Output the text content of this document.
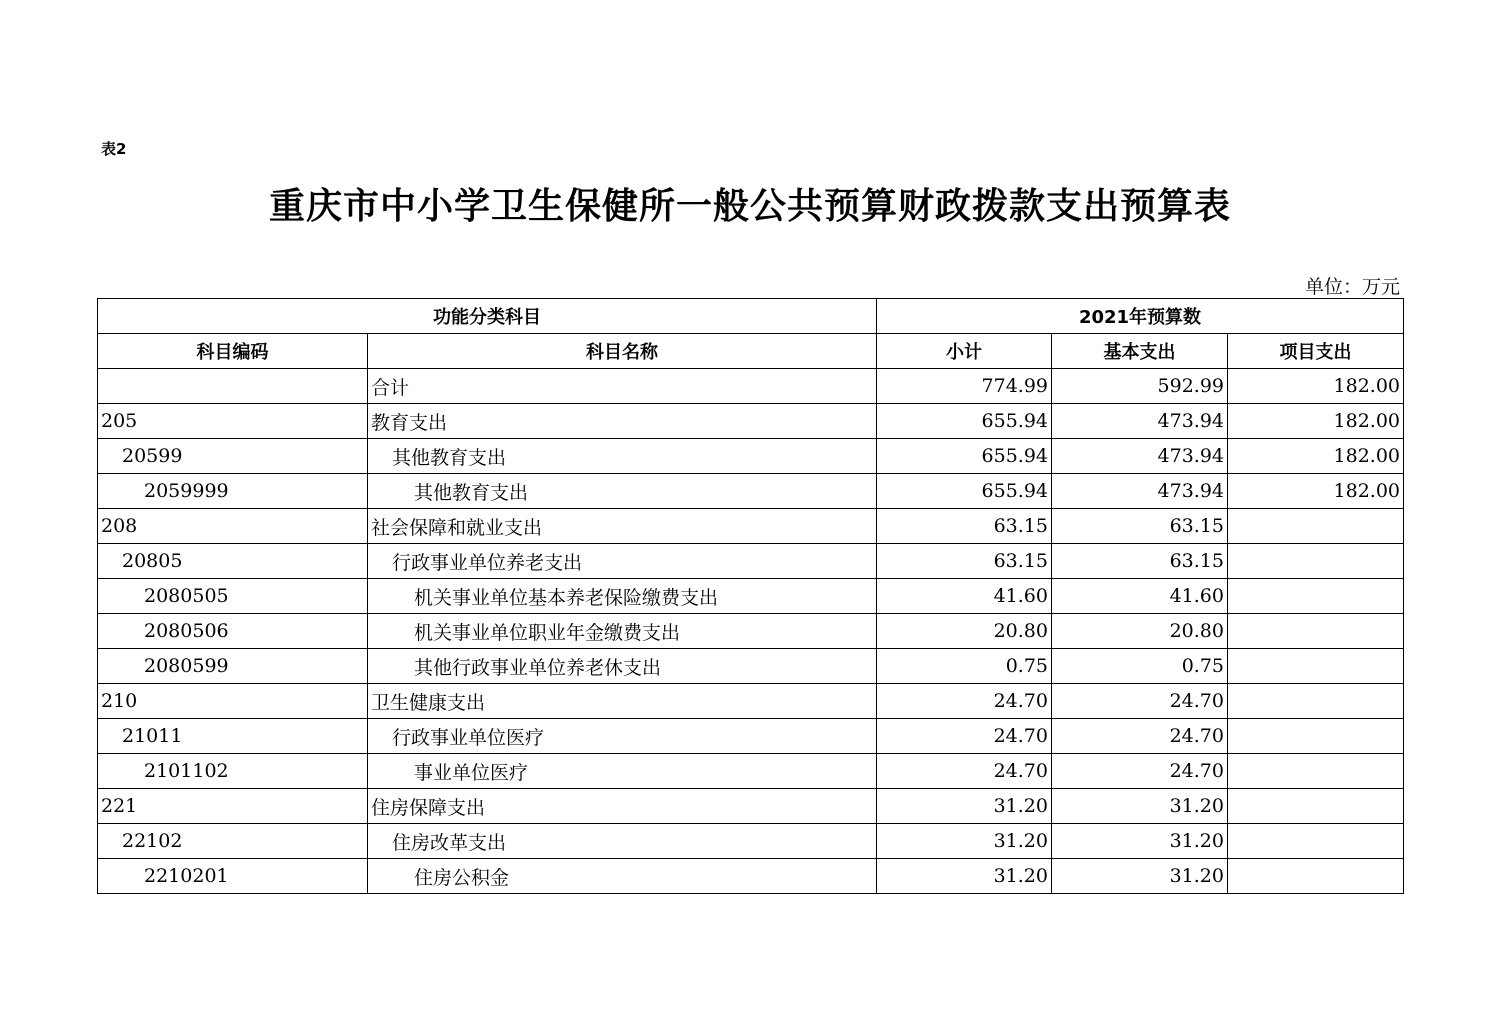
表2
重庆市中小学卫生保健所一般公共预算财政拨款支出预算表
单位：万元
功能分类科目		2021年预算数		
科目编码	科目名称	小计	基本支出	项目支出
	合计	774.99	592.99	182.00
205	教育支出	655.94	473.94	182.00
20599	其他教育支出	655.94	473.94	182.00
2059999	其他教育支出	655.94	473.94	182.00
208	社会保障和就业支出	63.15	63.15	
20805	行政事业单位养老支出	63.15	63.15	
2080505	机关事业单位基本养老保险缴费支出	41.60	41.60	
2080506	机关事业单位职业年金缴费支出	20.80	20.80	
2080599	其他行政事业单位养老休支出	0.75	0.75	
210	卫生健康支出	24.70	24.70	
21011	行政事业单位医疗	24.70	24.70	
2101102	事业单位医疗	24.70	24.70	
221	住房保障支出	31.20	31.20	
22102	住房改革支出	31.20	31.20	
2210201	住房公积金	31.20	31.20	
